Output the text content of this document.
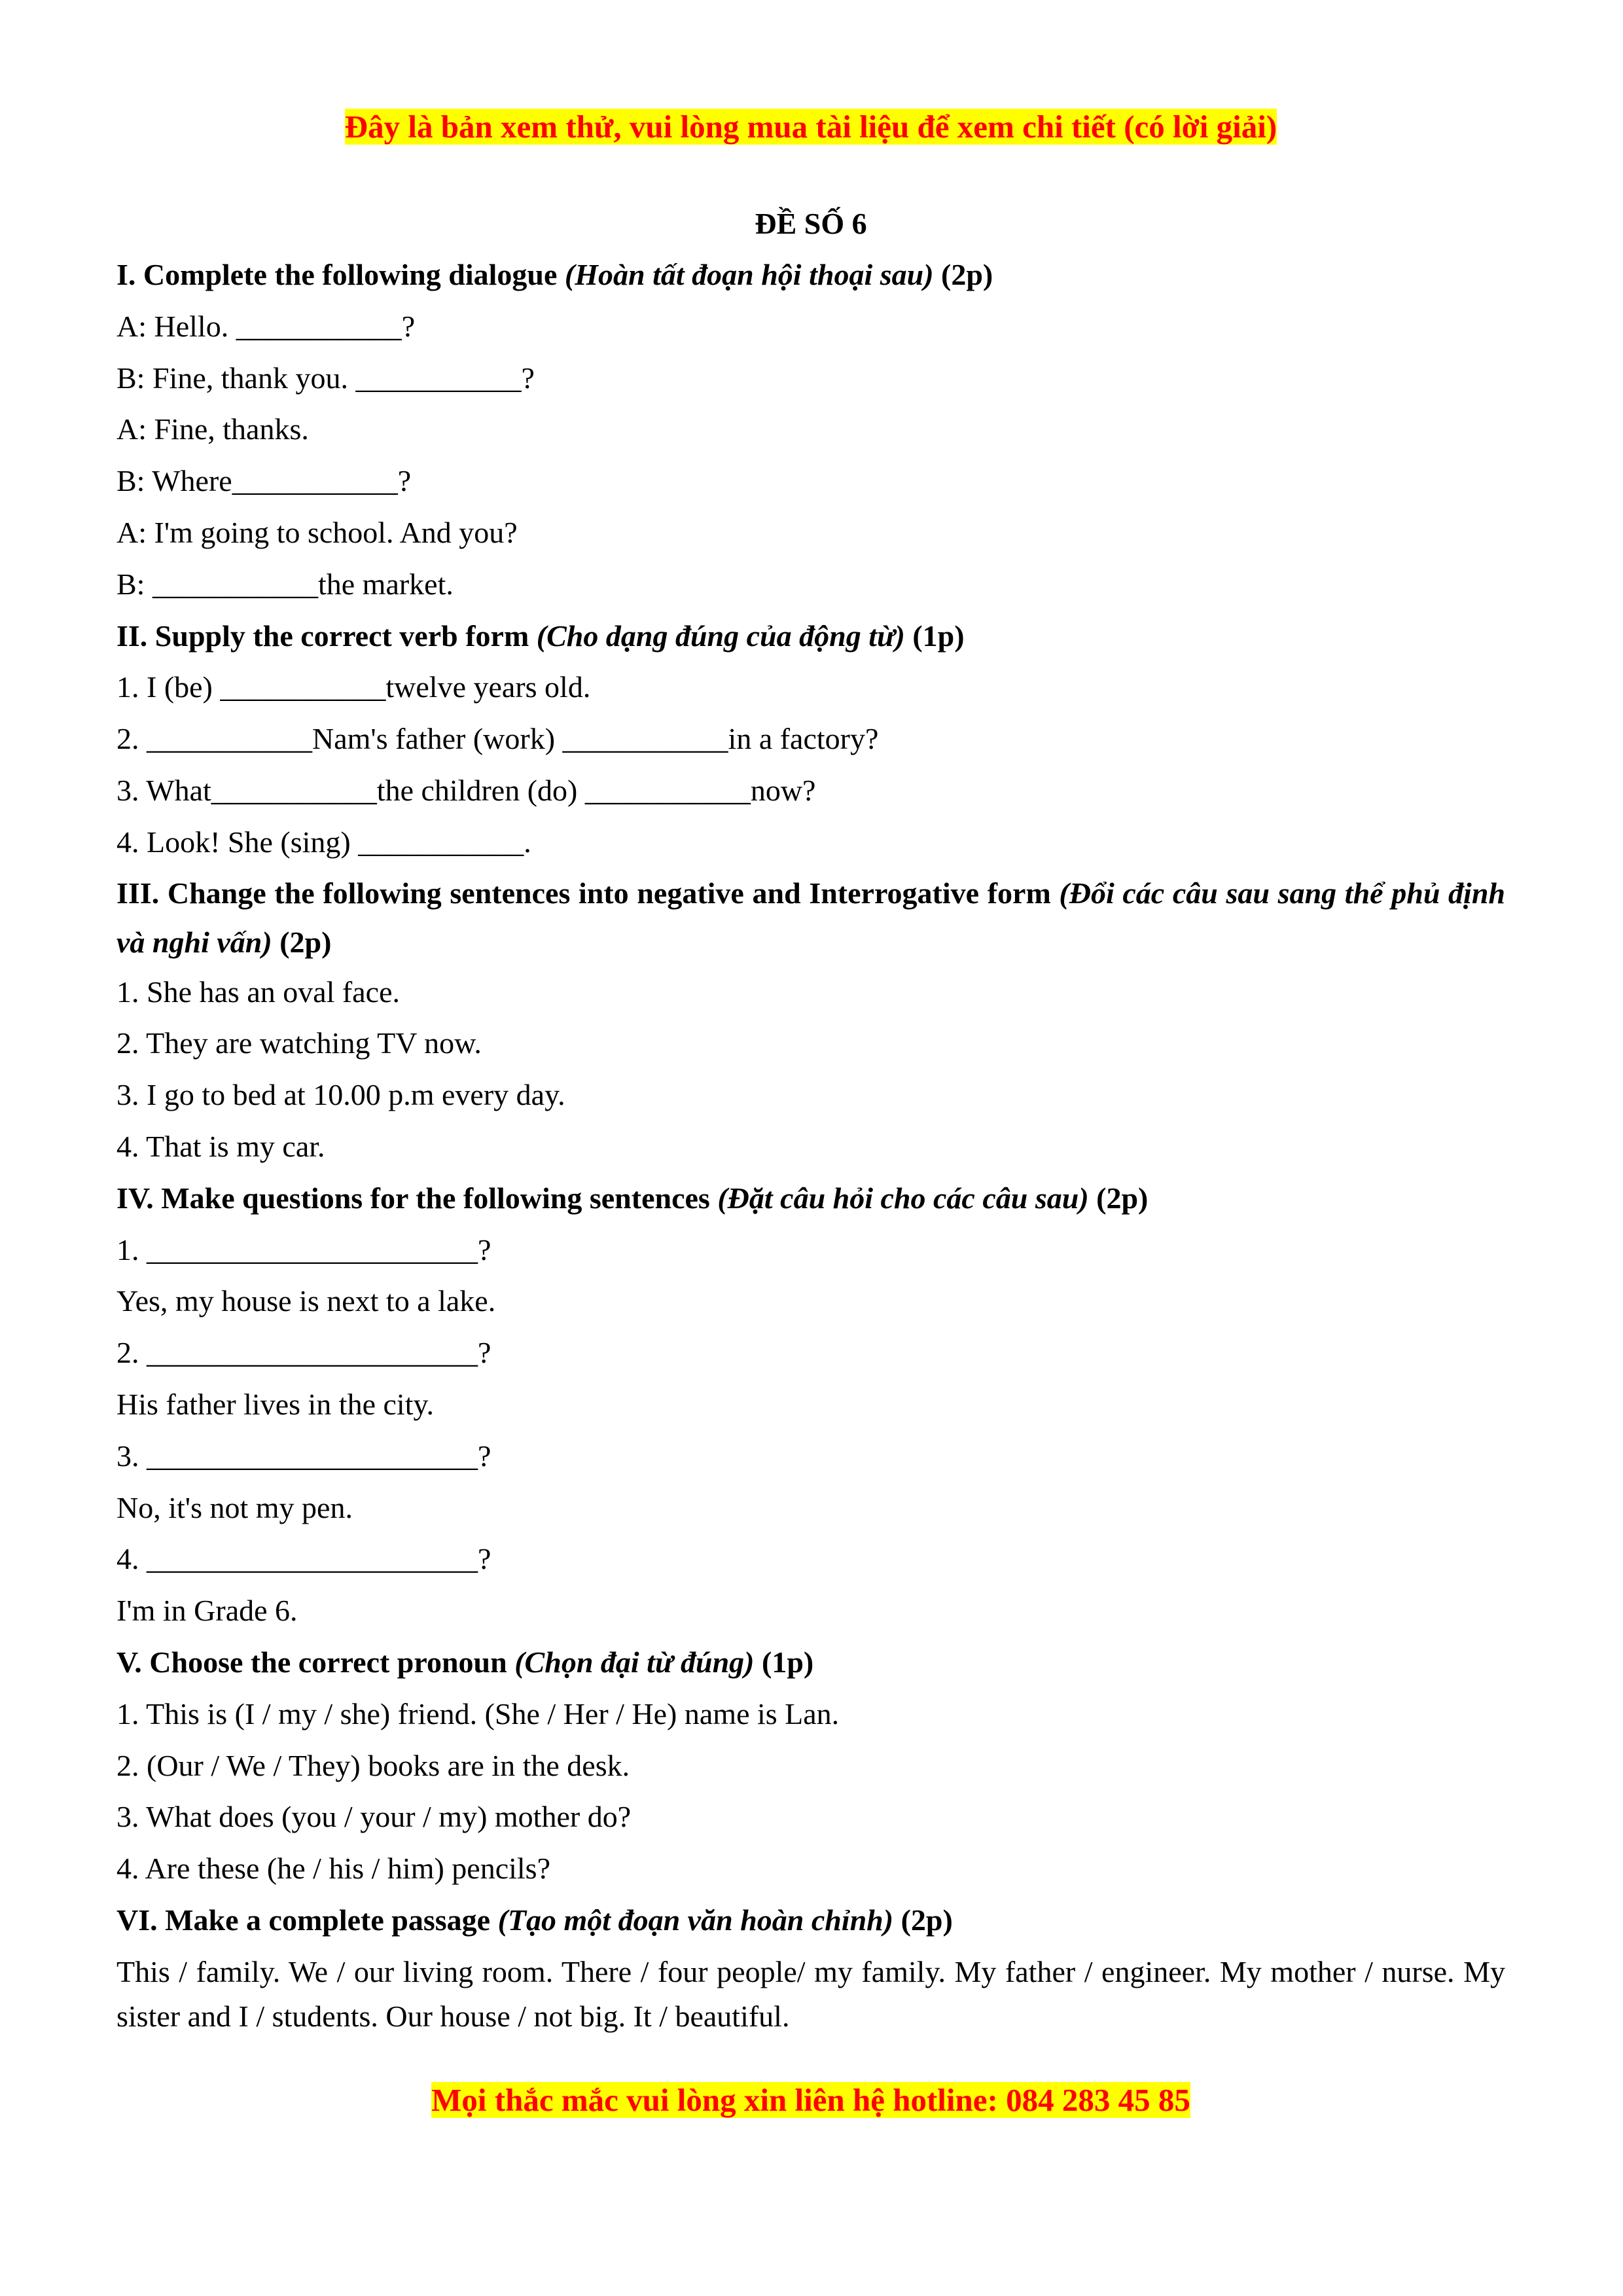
Đây là bản xem thử, vui lòng mua tài liệu để xem chi tiết (có lời giải)

ĐỀ SỐ 6

I. Complete the following dialogue (Hoàn tất đoạn hội thoại sau) (2p)

A: Hello. ___________?

B: Fine, thank you. ___________?

A: Fine, thanks.

B: Where___________?

A: I'm going to school. And you?

B: ___________the market.

II. Supply the correct verb form (Cho dạng đúng của động từ) (1p)

1. I (be) ___________twelve years old.

2. ___________Nam's father (work) ___________in a factory?

3. What___________the children (do) ___________now?

4. Look! She (sing) ___________.

III. Change the following sentences into negative and Interrogative form (Đổi các câu sau sang thể phủ định và nghi vấn) (2p)

1. She has an oval face.

2. They are watching TV now.

3. I go to bed at 10.00 p.m every day.

4. That is my car.

IV. Make questions for the following sentences (Đặt câu hỏi cho các câu sau) (2p)

1. ______________________?

Yes, my house is next to a lake.

2. ______________________?

His father lives in the city.

3. ______________________?

No, it's not my pen.

4. ______________________?

I'm in Grade 6.

V. Choose the correct pronoun (Chọn đại từ đúng) (1p)

1. This is (I / my / she) friend. (She / Her / He) name is Lan.

2. (Our / We / They) books are in the desk.

3. What does (you / your / my) mother do?

4. Are these (he / his / him) pencils?

VI. Make a complete passage (Tạo một đoạn văn hoàn chỉnh) (2p)

This / family. We / our living room. There / four people/ my family. My father / engineer. My mother / nurse. My sister and I / students. Our house / not big. It / beautiful.

Mọi thắc mắc vui lòng xin liên hệ hotline: 084 283 45 85
